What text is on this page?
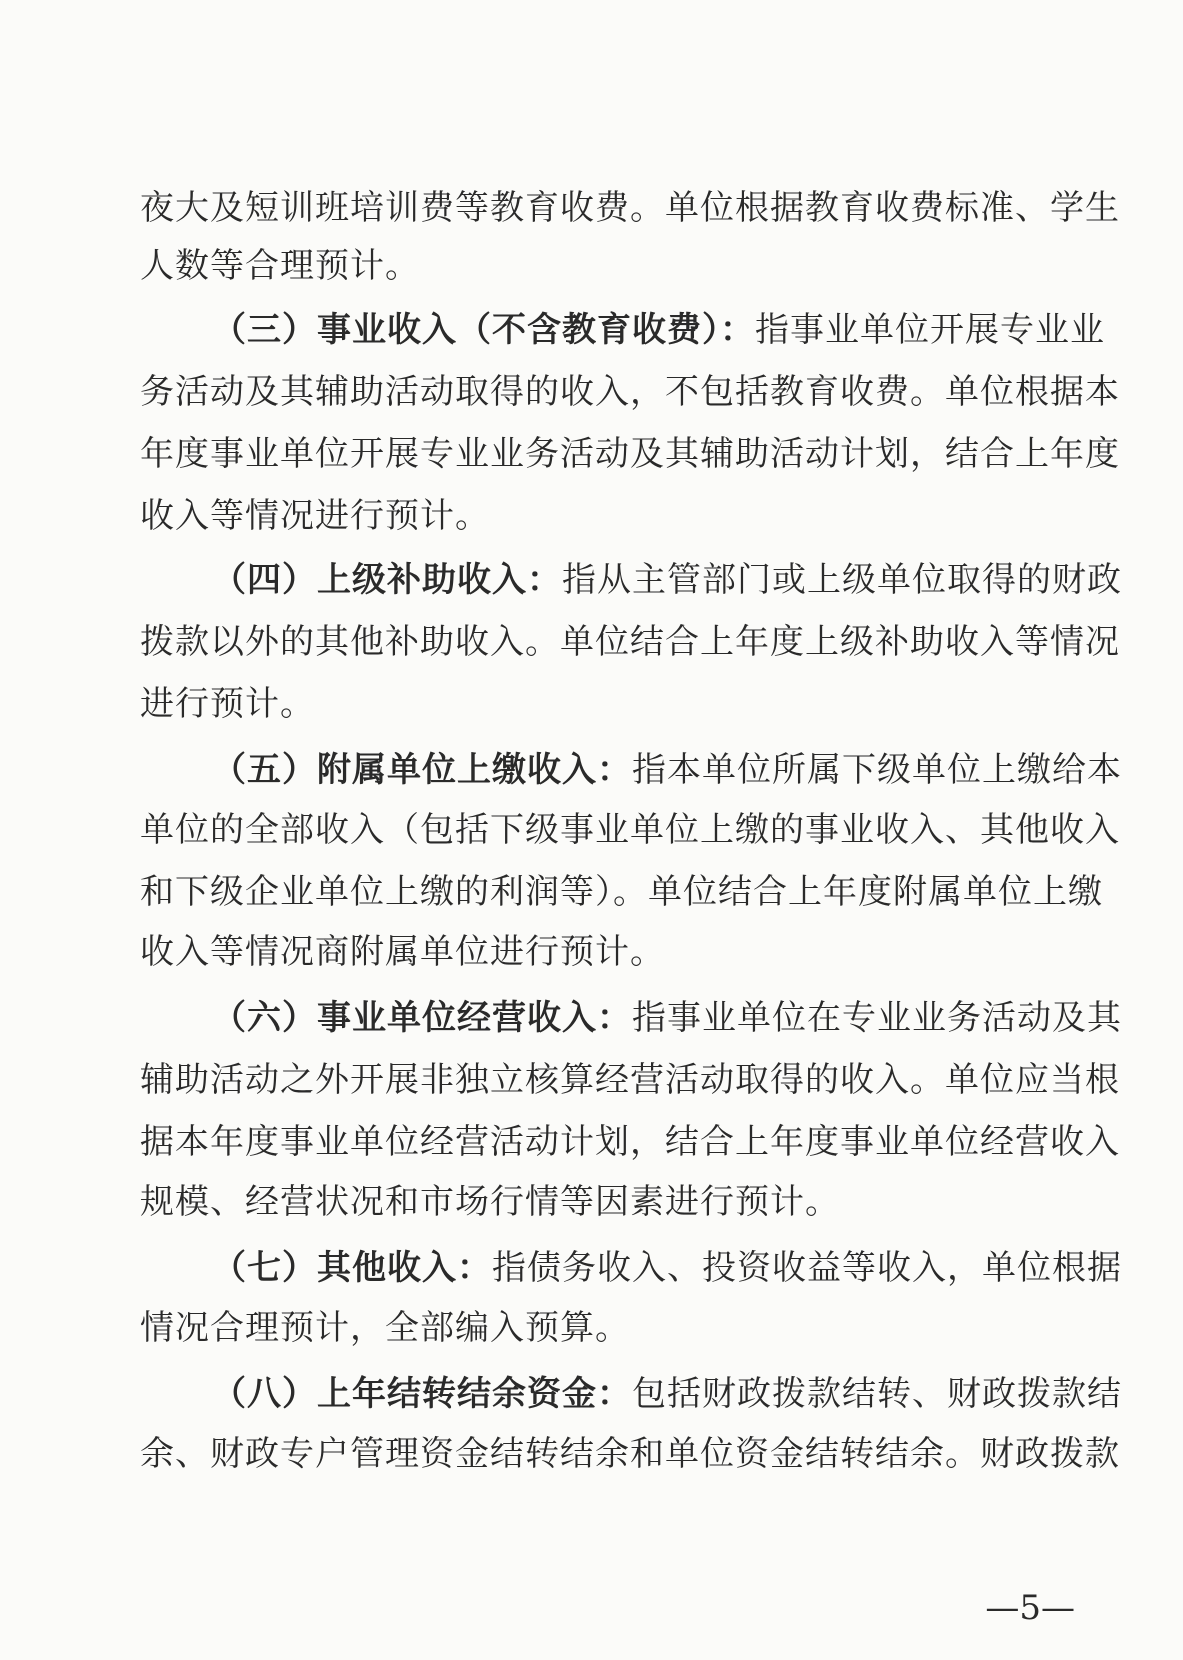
夜大及短训班培训费等教育收费。单位根据教育收费标准、学生
人数等合理预计。
（三）事业收入（不含教育收费）：指事业单位开展专业业
务活动及其辅助活动取得的收入，不包括教育收费。单位根据本
年度事业单位开展专业业务活动及其辅助活动计划，结合上年度
收入等情况进行预计。
（四）上级补助收入：指从主管部门或上级单位取得的财政
拨款以外的其他补助收入。单位结合上年度上级补助收入等情况
进行预计。
（五）附属单位上缴收入：指本单位所属下级单位上缴给本
单位的全部收入（包括下级事业单位上缴的事业收入、其他收入
和下级企业单位上缴的利润等）。单位结合上年度附属单位上缴
收入等情况商附属单位进行预计。
（六）事业单位经营收入：指事业单位在专业业务活动及其
辅助活动之外开展非独立核算经营活动取得的收入。单位应当根
据本年度事业单位经营活动计划，结合上年度事业单位经营收入
规模、经营状况和市场行情等因素进行预计。
（七）其他收入：指债务收入、投资收益等收入，单位根据
情况合理预计，全部编入预算。
（八）上年结转结余资金：包括财政拨款结转、财政拨款结
余、财政专户管理资金结转结余和单位资金结转结余。财政拨款
—5—
